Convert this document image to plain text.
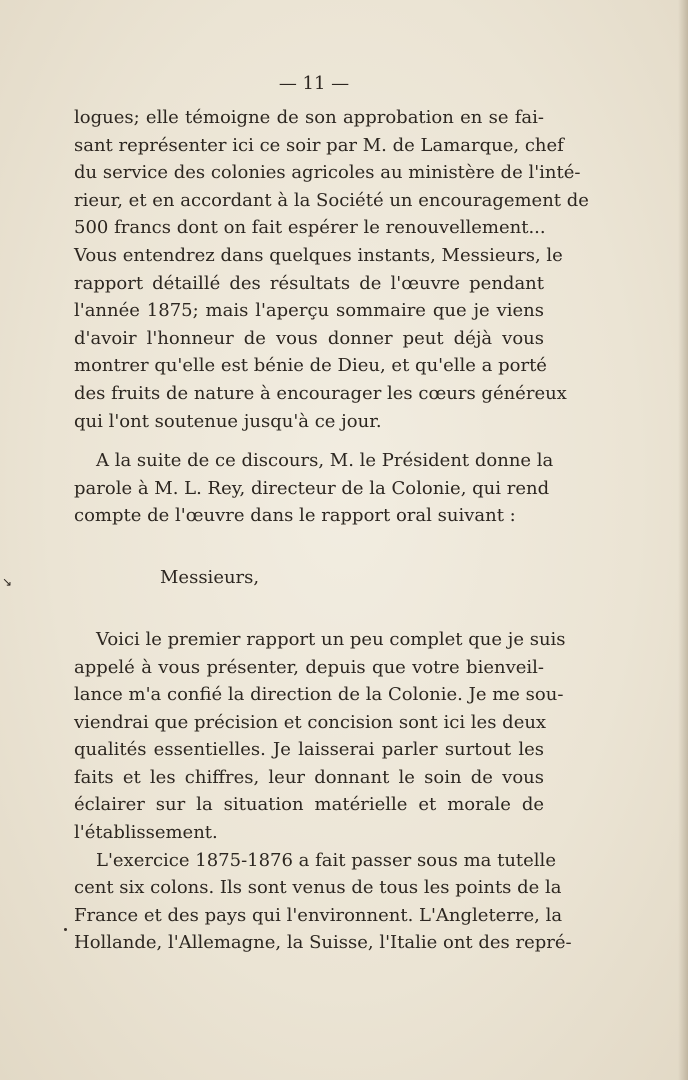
↘
— 11 —
logues; elle témoigne de son approbation en se fai-
sant représenter ici ce soir par M. de Lamarque, chef
du service des colonies agricoles au ministère de l'inté-
rieur, et en accordant à la Société un encouragement de
500 francs dont on fait espérer le renouvellement...
Vous entendrez dans quelques instants, Messieurs, le
rapport détaillé des résultats de l'œuvre pendant
l'année 1875; mais l'aperçu sommaire que je viens
d'avoir l'honneur de vous donner peut déjà vous
montrer qu'elle est bénie de Dieu, et qu'elle a porté
des fruits de nature à encourager les cœurs généreux
qui l'ont soutenue jusqu'à ce jour.
A la suite de ce discours, M. le Président donne la
parole à M. L. Rey, directeur de la Colonie, qui rend
compte de l'œuvre dans le rapport oral suivant :
Messieurs,
Voici le premier rapport un peu complet que je suis
appelé à vous présenter, depuis que votre bienveil-
lance m'a confié la direction de la Colonie. Je me sou-
viendrai que précision et concision sont ici les deux
qualités essentielles. Je laisserai parler surtout les
faits et les chiffres, leur donnant le soin de vous
éclairer sur la situation matérielle et morale de
l'établissement.
L'exercice 1875-1876 a fait passer sous ma tutelle
cent six colons. Ils sont venus de tous les points de la
France et des pays qui l'environnent. L'Angleterre, la
Hollande, l'Allemagne, la Suisse, l'Italie ont des repré-
